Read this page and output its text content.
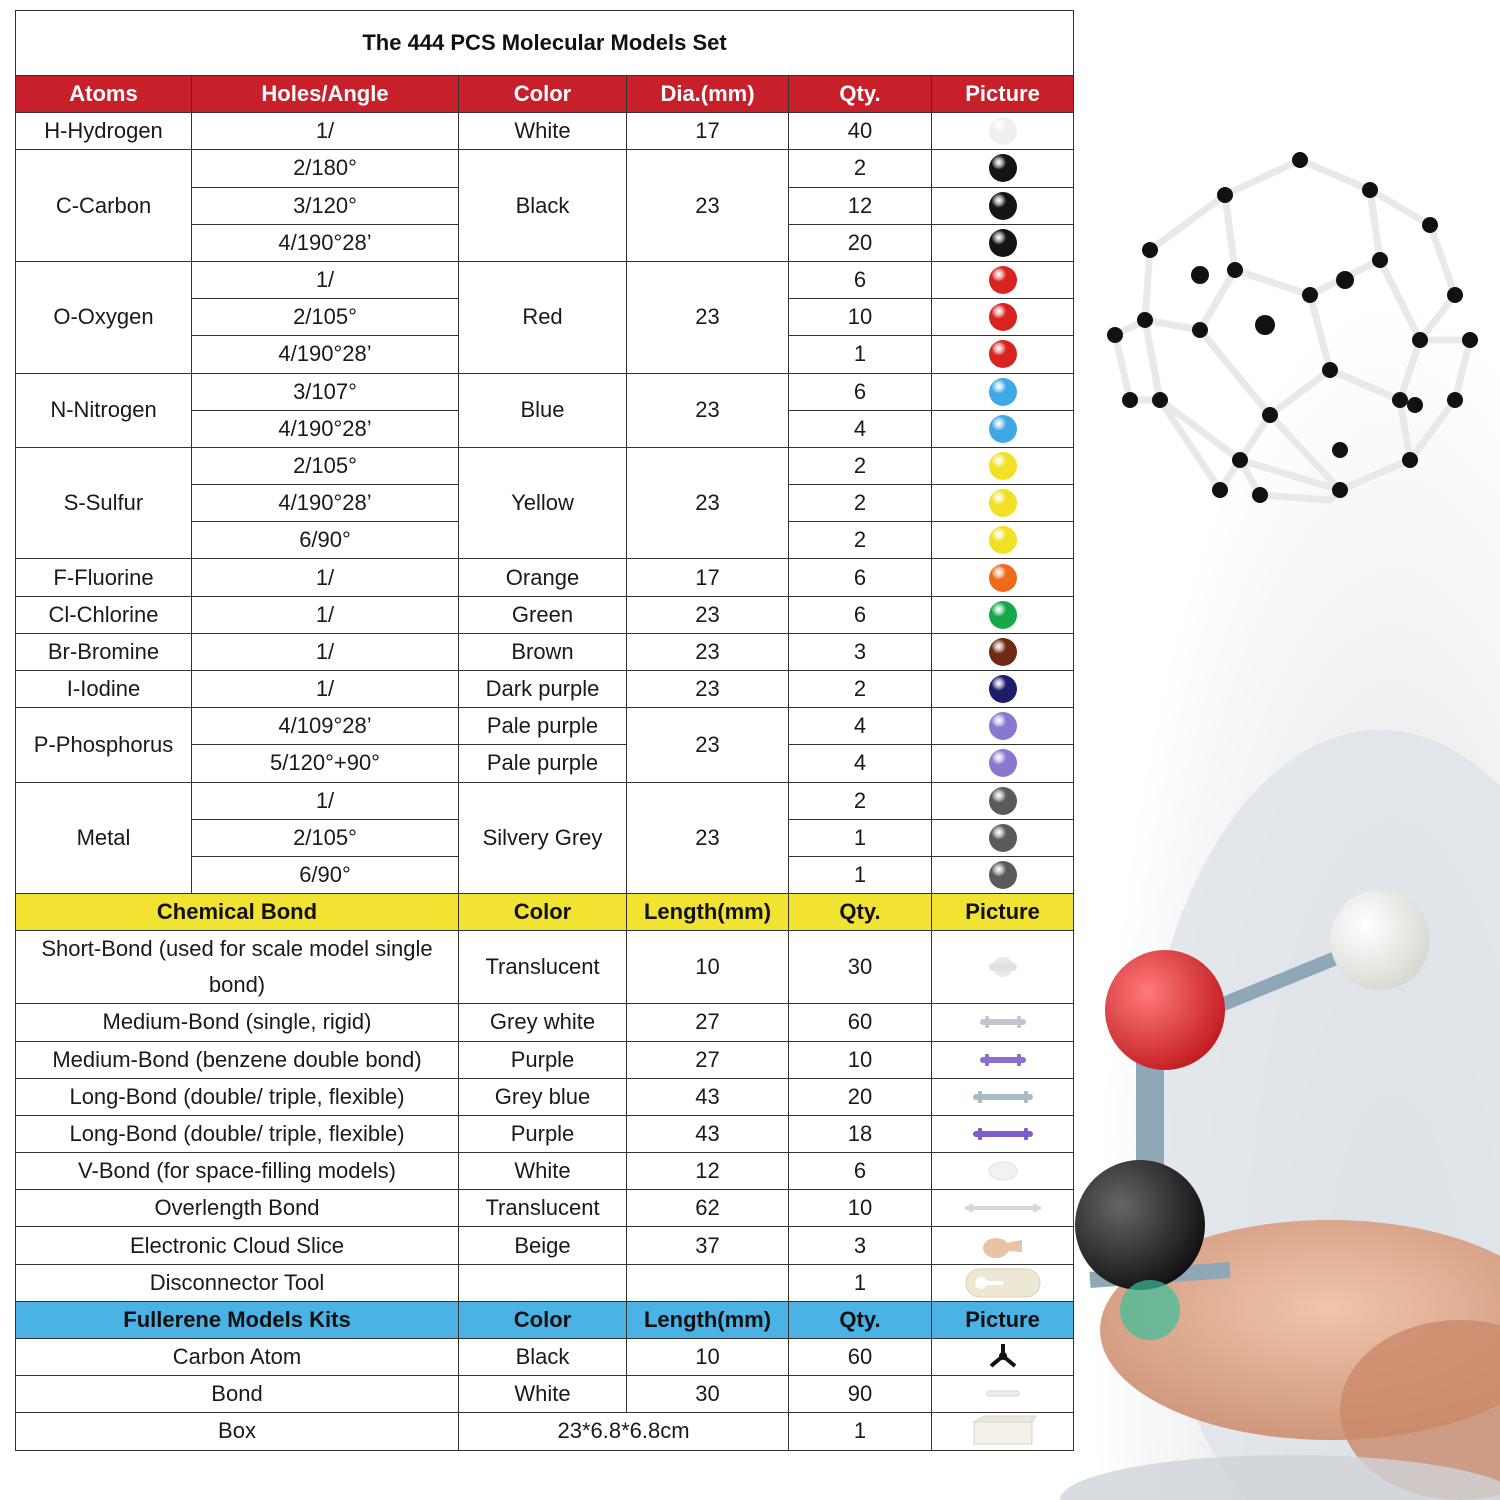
The 444 PCS Molecular Models Set					
Atoms	Holes/Angle	Color	Dia.(mm)	Qty.	Picture
H-Hydrogen	1/	White	17	40	

C-Carbon	2/180°	Black	23	2	

	3/120°			12	

	4/190°28’			20	

O-Oxygen	1/	Red	23	6	

	2/105°			10	

	4/190°28’			1	

N-Nitrogen	3/107°	Blue	23	6	

	4/190°28’			4	

S-Sulfur	2/105°	Yellow	23	2	

	4/190°28’			2	

	6/90°			2	

F-Fluorine	1/	Orange	17	6	

Cl-Chlorine	1/	Green	23	6	

Br-Bromine	1/	Brown	23	3	

I-Iodine	1/	Dark purple	23	2	

P-Phosphorus	4/109°28’	Pale purple	23	4	

	5/120°+90°	Pale purple		4	

Metal	1/	Silvery Grey	23	2	

	2/105°			1	

	6/90°			1	

Chemical Bond		Color	Length(mm)	Qty.	Picture
Short-Bond (used for scale model single bond)		Translucent	10	30	

Medium-Bond (single, rigid)		Grey white	27	60	

Medium-Bond (benzene double bond)		Purple	27	10	

Long-Bond (double/ triple, flexible)		Grey blue	43	20	

Long-Bond (double/ triple, flexible)		Purple	43	18	

V-Bond (for space-filling models)		White	12	6	

Overlength Bond		Translucent	62	10	

Electronic Cloud Slice		Beige	37	3	

Disconnector Tool				1	

Fullerene Models Kits		Color	Length(mm)	Qty.	Picture
Carbon Atom		Black	10	60	

Bond		White	30	90	

Box		23*6.8*6.8cm		1	
